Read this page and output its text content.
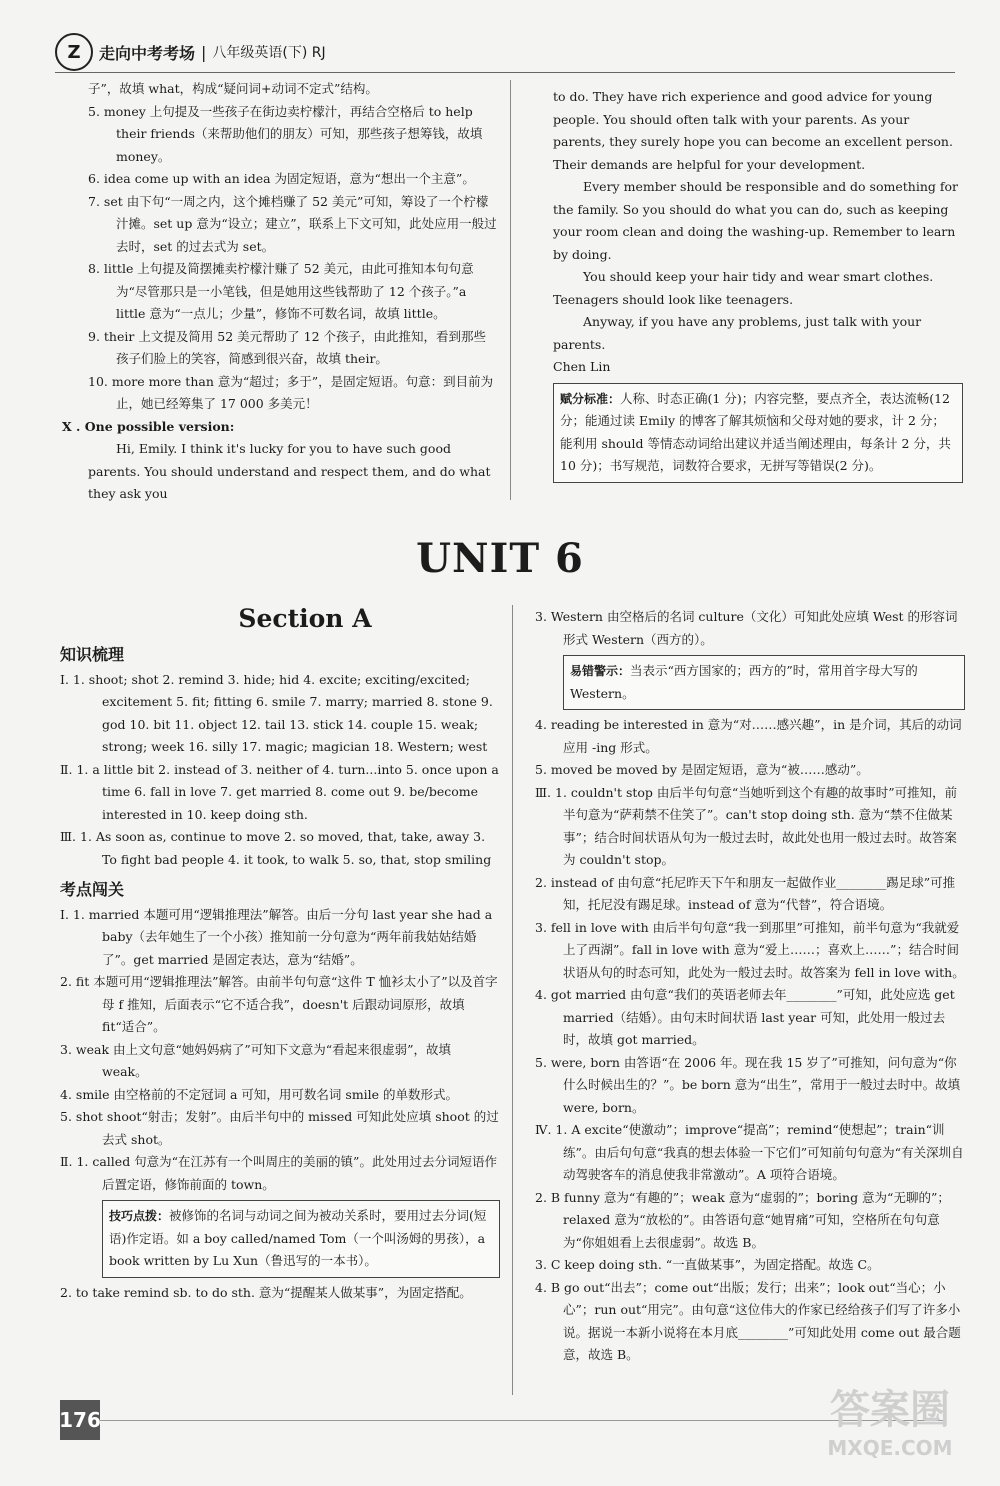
Z	走向中考考场 | 八年级英语(下) RJ

子”，故填 what，构成“疑问词+动词不定式”结构。

5. money 上句提及一些孩子在街边卖柠檬汁，再结合空格后 to help their friends（来帮助他们的朋友）可知，那些孩子想筹钱，故填 money。

6. idea come up with an idea 为固定短语，意为“想出一个主意”。

7. set 由下句“一周之内，这个摊档赚了 52 美元”可知，筹设了一个柠檬汁摊。set up 意为“设立；建立”，联系上下文可知，此处应用一般过去时，set 的过去式为 set。

8. little 上句提及简摆摊卖柠檬汁赚了 52 美元，由此可推知本句句意为“尽管那只是一小笔钱，但是她用这些钱帮助了 12 个孩子。”a little 意为“一点儿；少量”，修饰不可数名词，故填 little。

9. their 上文提及简用 52 美元帮助了 12 个孩子，由此推知，看到那些孩子们脸上的笑容，简感到很兴奋，故填 their。

10. more more than 意为“超过；多于”，是固定短语。句意：到目前为止，她已经筹集了 17 000 多美元！

X . One possible version:

Hi, Emily. I think it's lucky for you to have such good parents. You should understand and respect them, and do what they ask you

to do. They have rich experience and good advice for young people. You should often talk with your parents. As your parents, they surely hope you can become an excellent person. Their demands are helpful for your development.

Every member should be responsible and do something for the family. So you should do what you can do, such as keeping your room clean and doing the washing-up. Remember to learn by doing.

You should keep your hair tidy and wear smart clothes. Teenagers should look like teenagers.

Anyway, if you have any problems, just talk with your parents.

Chen Lin

赋分标准：人称、时态正确(1 分)；内容完整，要点齐全，表达流畅(12 分；能通过读 Emily 的博客了解其烦恼和父母对她的要求，计 2 分；能利用 should 等情态动词给出建议并适当阐述理由，每条计 2 分，共 10 分)；书写规范，词数符合要求，无拼写等错误(2 分)。
UNIT 6
Section A
知识梳理

Ⅰ. 1. shoot; shot 2. remind 3. hide; hid 4. excite; exciting/excited; excitement 5. fit; fitting 6. smile 7. marry; married 8. stone 9. god 10. bit 11. object 12. tail 13. stick 14. couple 15. weak; strong; week 16. silly 17. magic; magician 18. Western; west

Ⅱ. 1. a little bit 2. instead of 3. neither of 4. turn...into 5. once upon a time 6. fall in love 7. get married 8. come out 9. be/become interested in 10. keep doing sth.

Ⅲ. 1. As soon as, continue to move 2. so moved, that, take, away 3. To fight bad people 4. it took, to walk 5. so, that, stop smiling

考点闯关

Ⅰ. 1. married 本题可用“逻辑推理法”解答。由后一分句 last year she had a baby（去年她生了一个小孩）推知前一分句意为“两年前我姑姑结婚了”。get married 是固定表达，意为“结婚”。

2. fit 本题可用“逻辑推理法”解答。由前半句句意“这件 T 恤衫太小了”以及首字母 f 推知，后面表示“它不适合我”，doesn't 后跟动词原形，故填 fit“适合”。

3. weak 由上文句意“她妈妈病了”可知下文意为“看起来很虚弱”，故填 weak。

4. smile 由空格前的不定冠词 a 可知，用可数名词 smile 的单数形式。

5. shot shoot“射击；发射”。由后半句中的 missed 可知此处应填 shoot 的过去式 shot。

Ⅱ. 1. called 句意为“在江苏有一个叫周庄的美丽的镇”。此处用过去分词短语作后置定语，修饰前面的 town。

技巧点拨：被修饰的名词与动词之间为被动关系时，要用过去分词(短语)作定语。如 a boy called/named Tom（一个叫汤姆的男孩），a book written by Lu Xun（鲁迅写的一本书）。

2. to take remind sb. to do sth. 意为“提醒某人做某事”，为固定搭配。

3. Western 由空格后的名词 culture（文化）可知此处应填 West 的形容词形式 Western（西方的）。

易错警示：当表示“西方国家的；西方的”时，常用首字母大写的 Western。

4. reading be interested in 意为“对……感兴趣”，in 是介词，其后的动词应用 -ing 形式。

5. moved be moved by 是固定短语，意为“被……感动”。

Ⅲ. 1. couldn't stop 由后半句句意“当她听到这个有趣的故事时”可推知，前半句意为“萨莉禁不住笑了”。can't stop doing sth. 意为“禁不住做某事”；结合时间状语从句为一般过去时，故此处也用一般过去时。故答案为 couldn't stop。

2. instead of 由句意“托尼昨天下午和朋友一起做作业________踢足球”可推知，托尼没有踢足球。instead of 意为“代替”，符合语境。

3. fell in love with 由后半句句意“我一到那里”可推知，前半句意为“我就爱上了西湖”。fall in love with 意为“爱上……；喜欢上……”；结合时间状语从句的时态可知，此处为一般过去时。故答案为 fell in love with。

4. got married 由句意“我们的英语老师去年________”可知，此处应选 get married（结婚）。由句末时间状语 last year 可知，此处用一般过去时，故填 got married。

5. were, born 由答语“在 2006 年。现在我 15 岁了”可推知，问句意为“你什么时候出生的？”。be born 意为“出生”，常用于一般过去时中。故填 were, born。

Ⅳ. 1. A excite“使激动”；improve“提高”；remind“使想起”；train“训练”。由后句句意“我真的想去体验一下它们”可知前句句意为“有关深圳自动驾驶客车的消息使我非常激动”。A 项符合语境。

2. B funny 意为“有趣的”；weak 意为“虚弱的”；boring 意为“无聊的”；relaxed 意为“放松的”。由答语句意“她胃痛”可知，空格所在句句意为“你姐姐看上去很虚弱”。故选 B。

3. C keep doing sth. “一直做某事”，为固定搭配。故选 C。

4. B go out“出去”；come out“出版；发行；出来”；look out“当心；小心”；run out“用完”。由句意“这位伟大的作家已经给孩子们写了许多小说。据说一本新小说将在本月底________”可知此处用 come out 最合题意，故选 B。

176	答案圈
MXQE.COM
